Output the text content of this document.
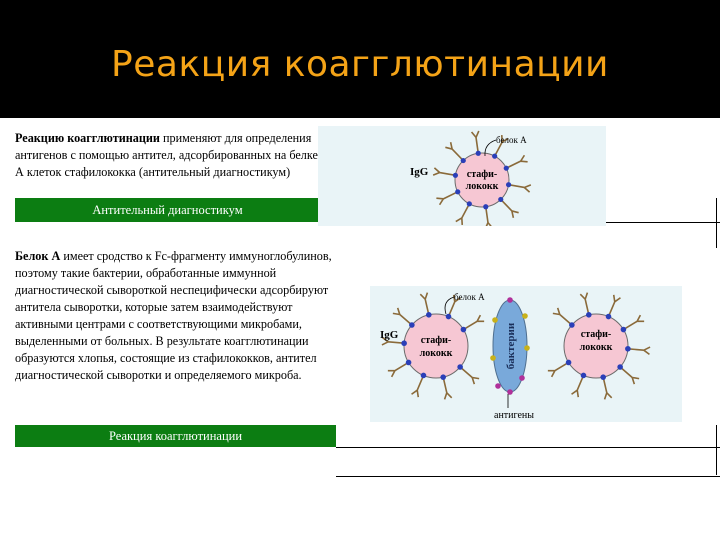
Реакция коагглютинации
Реакцию коагглютинации применяют для определения антигенов с помощью антител, адсорбированных на белке А клеток стафилококка (антительный диагностикум)
Антительный диагностикум
Белок А имеет сродство к Fc-фрагменту иммуноглобулинов, поэтому такие бактерии, обработанные иммунной диагностической сывороткой неспецифически адсорбируют антитела сыворотки, которые затем взаимодействуют активными центрами с соответствующими микробами, выделенными от больных. В результате коагглютинации образуются хлопья, состоящие из стафилококков, антител диагностической сыворотки и определяемого микроба.
Реакция коагглютинации
стафи-
лококк
IgG
белок А
стафи-
лококк
стафи-
лококк
бактерии
IgG
белок А
антигены
